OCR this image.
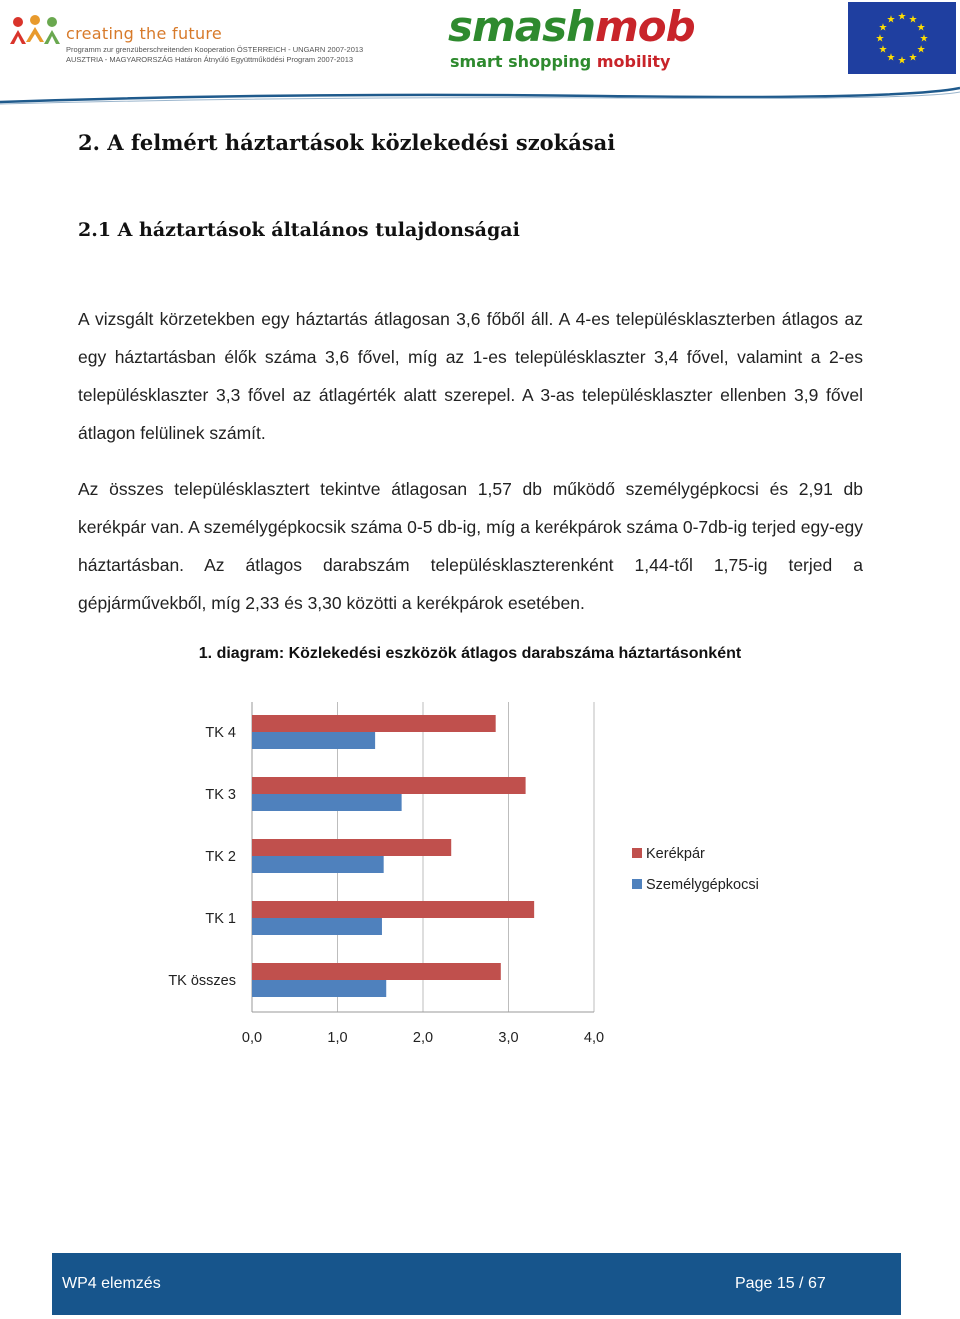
creating the future
Programm zur grenzüberschreitenden Kooperation ÖSTERREICH - UNGARN 2007-2013
AUSZTRIA - MAGYARORSZÁG Határon Átnyúló Együttműködési Program 2007-2013
smashmob
smart shopping mobility
★ ★
★
★
★
★
★
★
★
★
★
★
2. A felmért háztartások közlekedési szokásai
2.1 A háztartások általános tulajdonságai
A vizsgált körzetekben egy háztartás átlagosan 3,6 főből áll. A 4-es településklaszterben átlagos az egy háztartásban élők száma 3,6 fővel, míg az 1-es településklaszter 3,4 fővel, valamint a 2-es településklaszter 3,3 fővel az átlagérték alatt szerepel. A 3-as településklaszter ellenben 3,9 fővel átlagon felülinek számít.
Az összes településklasztert tekintve átlagosan 1,57 db működő személygépkocsi és 2,91 db kerékpár van. A személygépkocsik száma 0-5 db-ig, míg a kerékpárok száma 0-7db-ig terjed egy-egy háztartásban. Az átlagos darabszám településklaszterenként 1,44-től 1,75-ig terjed a gépjárművekből, míg 2,33 és 3,30 közötti a kerékpárok esetében.
1. diagram: Közlekedési eszközök átlagos darabszáma háztartásonként
0,0	1,0	2,0	3,0	4,0
TK 4
TK 3
TK 2
TK 1
TK összes
Kerékpár
Személygépkocsi
WP4 elemzés	Page 15 / 67
